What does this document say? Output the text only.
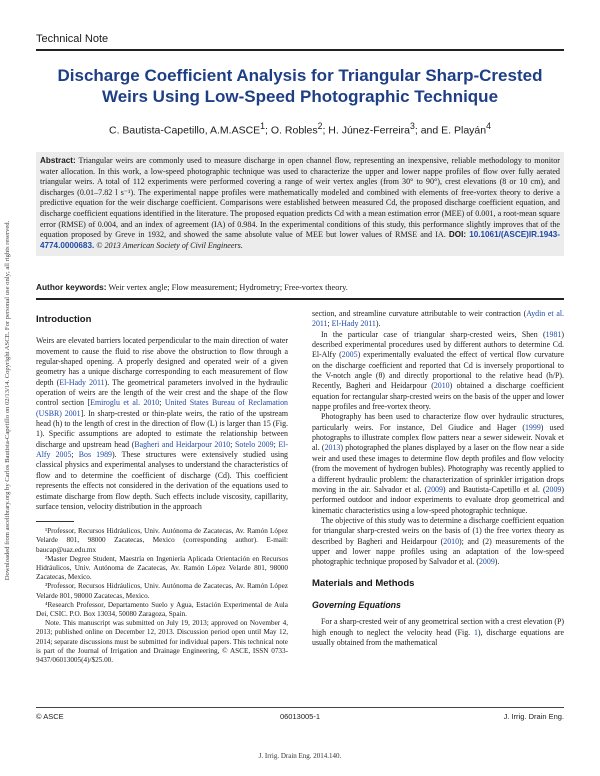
Technical Note
Discharge Coefficient Analysis for Triangular Sharp-Crested Weirs Using Low-Speed Photographic Technique
C. Bautista-Capetillo, A.M.ASCE$^1$; O. Robles$^2$; H. Júnez-Ferreira$^3$; and E. Playán$^4$
Downloaded from ascelibrary.org by Carlos Bautista-Capetillo on 02/13/14. Copyright ASCE. For personal use only; all rights reserved.

Abstract: Triangular weirs are commonly used to measure discharge in open channel flow, representing an inexpensive, reliable methodology to monitor water allocation. In this work, a low-speed photographic technique was used to characterize the upper and lower nappe profiles of flow over fully aerated triangular weirs. A total of 112 experiments were performed covering a range of weir vertex angles (from 30° to 90°), crest elevations (8 or 10 cm), and discharges (0.01–7.82 l s⁻¹). The experimental nappe profiles were mathematically modeled and combined with elements of free-vortex theory to derive a predictive equation for the weir discharge coefficient. Comparisons were established between measured Cd, the proposed discharge coefficient equation, and discharge coefficient equations identified in the literature. The proposed equation predicts Cd with a mean estimation error (MEE) of 0.001, a root-mean square error (RMSE) of 0.004, and an index of agreement (IA) of 0.984. In the experimental conditions of this study, this performance slightly improves that of the equation proposed by Greve in 1932, and showed the same absolute value of MEE but lower values of RMSE and IA. DOI: 10.1061/(ASCE)IR.1943-4774.0000683. © 2013 American Society of Civil Engineers.

Author keywords: Weir vertex angle; Flow measurement; Hydrometry; Free-vortex theory.

Introduction

Weirs are elevated barriers located perpendicular to the main direction of water movement to cause the fluid to rise above the obstruction to flow through a regular-shaped opening. A properly designed and operated weir of a given geometry has a unique discharge corresponding to each measurement of flow depth (El-Hady 2011). The geometrical parameters involved in the hydraulic operation of weirs are the length of the weir crest and the shape of the flow control section [Emiroglu et al. 2010; United States Bureau of Reclamation (USBR) 2001]. In sharp-crested or thin-plate weirs, the ratio of the upstream head (h) to the length of crest in the direction of flow (L) is larger than 15 (Fig. 1). Specific assumptions are adopted to estimate the relationship between discharge and upstream head (Bagheri and Heidarpour 2010; Sotelo 2009; El-Alfy 2005; Bos 1989). These structures were extensively studied using classical physics and experimental analyses to understand the characteristics of flow and to determine the coefficient of discharge (Cd). This coefficient represents the effects not considered in the derivation of the equations used to estimate discharge from flow depth. Such effects include viscosity, capillarity, surface tension, velocity distribution in the approach

¹Professor, Recursos Hidráulicos, Univ. Autónoma de Zacatecas, Av. Ramón López Velarde 801, 98000 Zacatecas, Mexico (corresponding author). E-mail: baucap@uaz.edu.mx

²Master Degree Student, Maestría en Ingeniería Aplicada Orientación en Recursos Hidráulicos, Univ. Autónoma de Zacatecas, Av. Ramón López Velarde 801, 98000 Zacatecas, Mexico.

³Professor, Recursos Hidráulicos, Univ. Autónoma de Zacatecas, Av. Ramón López Velarde 801, 98000 Zacatecas, Mexico.

⁴Research Professor, Departamento Suelo y Agua, Estación Experimental de Aula Dei, CSIC. P.O. Box 13034, 50080 Zaragoza, Spain.

Note. This manuscript was submitted on July 19, 2013; approved on November 4, 2013; published online on December 12, 2013. Discussion period open until May 12, 2014; separate discussions must be submitted for individual papers. This technical note is part of the Journal of Irrigation and Drainage Engineering, © ASCE, ISSN 0733-9437/06013005(4)/$25.00.

section, and streamline curvature attributable to weir contraction (Aydin et al. 2011; El-Hady 2011).

In the particular case of triangular sharp-crested weirs, Shen (1981) described experimental procedures used by different authors to determine Cd. El-Alfy (2005) experimentally evaluated the effect of vertical flow curvature on the discharge coefficient and reported that Cd is inversely proportional to the V-notch angle (θ) and directly proportional to the relative head (h/P). Recently, Bagheri and Heidarpour (2010) obtained a discharge coefficient equation for rectangular sharp-crested weirs on the basis of the upper and lower nappe profiles and free-vortex theory.

Photography has been used to characterize flow over hydraulic structures, particularly weirs. For instance, Del Giudice and Hager (1999) used photographs to illustrate complex flow patters near a sewer sideweir. Novak et al. (2013) photographed the planes displayed by a laser on the flow near a side weir and used these images to determine flow depth profiles and flow velocity (from the movement of hydrogen bubles). Photography was recently applied to a different hydraulic problem: the characterization of sprinkler irrigation drops moving in the air. Salvador et al. (2009) and Bautista-Capetillo et al. (2009) performed outdoor and indoor experiments to evaluate drop geometrical and kinematic characteristics using a low-speed photographic technique.

The objective of this study was to determine a discharge coefficient equation for triangular sharp-crested weirs on the basis of (1) the free vortex theory as described by Bagheri and Heidarpour (2010); and (2) measurements of the upper and lower nappe profiles using an adaptation of the low-speed photographic technique proposed by Salvador et al. (2009).

Materials and Methods

Governing Equations

For a sharp-crested weir of any geometrical section with a crest elevation (P) high enough to neglect the velocity head (Fig. 1), discharge equations are usually obtained from the mathematical

© ASCE	06013005-1	J. Irrig. Drain Eng.
J. Irrig. Drain Eng. 2014.140.
